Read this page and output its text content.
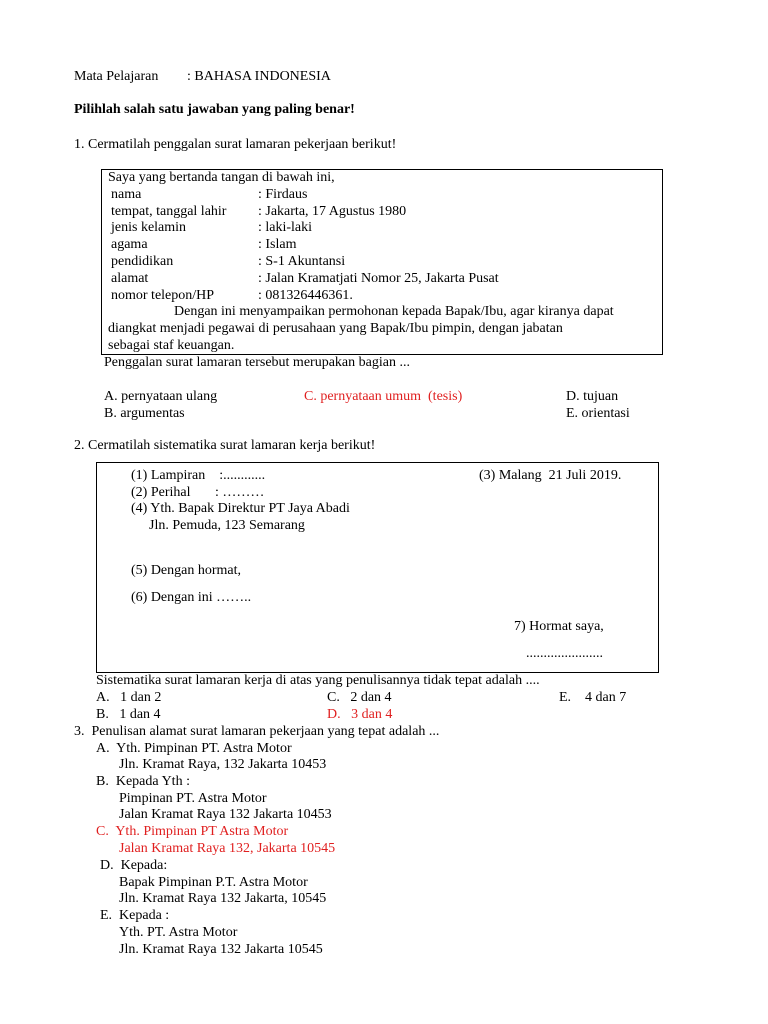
Mata Pelajaran : BAHASA INDONESIA
Pilihlah salah satu jawaban yang paling benar!
1. Cermatilah penggalan surat lamaran pekerjaan berikut!
Saya yang bertanda tangan di bawah ini,
nama	: Firdaus
tempat, tanggal lahir : Jakarta, 17 Agustus 1980
jenis kelamin	: laki-laki
agama	: Islam
pendidikan	: S-1 Akuntansi
alamat	: Jalan Kramatjati Nomor 25, Jakarta Pusat
nomor telepon/HP	: 081326446361.
Dengan ini menyampaikan permohonan kepada Bapak/Ibu, agar kiranya dapat
diangkat menjadi pegawai di perusahaan yang Bapak/Ibu pimpin, dengan jabatan
sebagai staf keuangan.
Penggalan surat lamaran tersebut merupakan bagian ...
A. pernyataan ulang	C. pernyataan umum  (tesis)	D. tujuan
B. argumentas	E. orientasi
2. Cermatilah sistematika surat lamaran kerja berikut!
(1) Lampiran    :............	(3) Malang  21 Juli 2019.
(2) Perihal       : ………
(4) Yth. Bapak Direktur PT Jaya Abadi
Jln. Pemuda, 123 Semarang
(5) Dengan hormat,
(6) Dengan ini ……..
7) Hormat saya,
......................
Sistematika surat lamaran kerja di atas yang penulisannya tidak tepat adalah ....
A.   1 dan 2	C.   2 dan 4	E.    4 dan 7
B.   1 dan 4	D.   3 dan 4
3.  Penulisan alamat surat lamaran pekerjaan yang tepat adalah ...
A.  Yth. Pimpinan PT. Astra Motor
Jln. Kramat Raya, 132 Jakarta 10453
B.  Kepada Yth :
Pimpinan PT. Astra Motor
Jalan Kramat Raya 132 Jakarta 10453
C.  Yth. Pimpinan PT Astra Motor
Jalan Kramat Raya 132, Jakarta 10545
D.  Kepada:
Bapak Pimpinan P.T. Astra Motor
Jln. Kramat Raya 132 Jakarta, 10545
E.  Kepada :
Yth. PT. Astra Motor
Jln. Kramat Raya 132 Jakarta 10545
